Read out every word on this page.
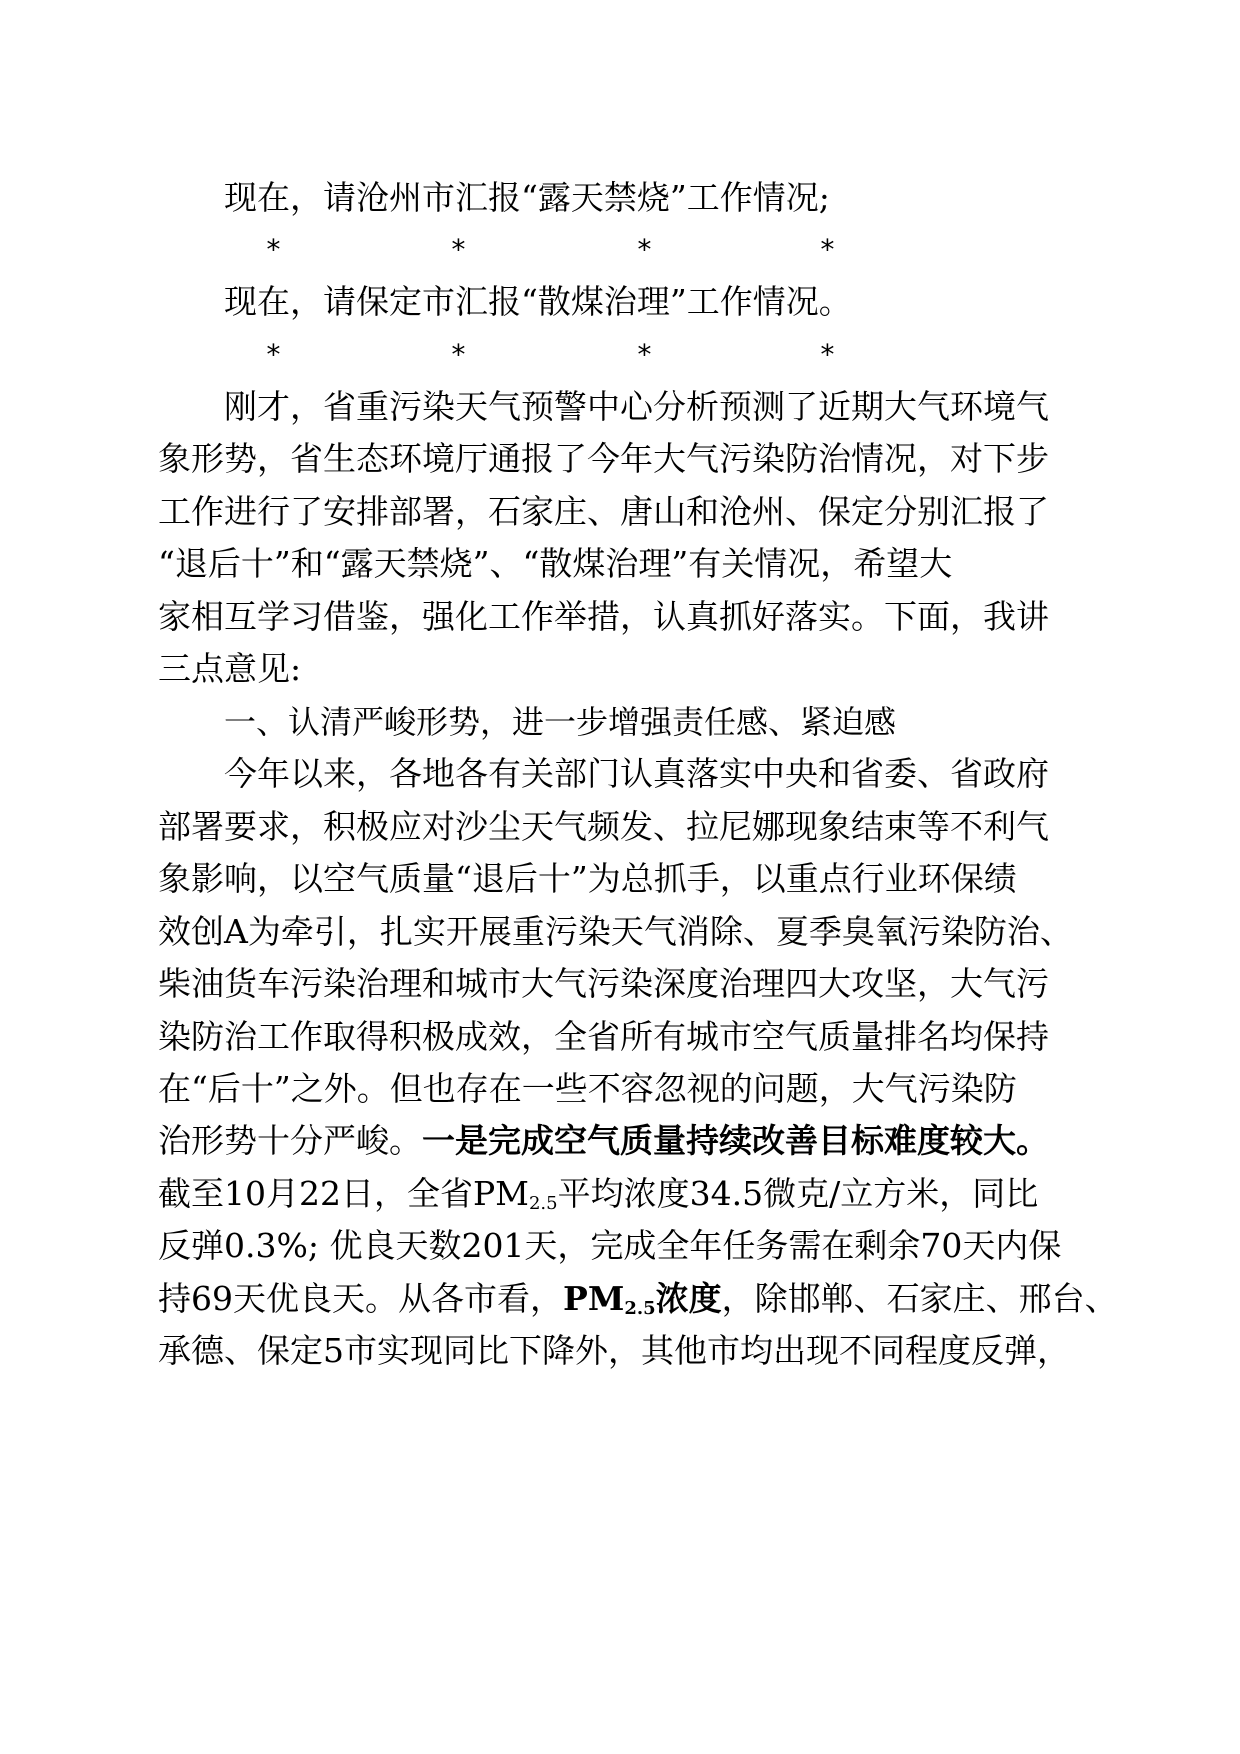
现在，请沧州市汇报“露天禁烧”工作情况;
*	*	*	*
现在，请保定市汇报“散煤治理”工作情况。
*	*	*	*
刚才，省重污染天气预警中心分析预测了近期大气环境气
象形势，省生态环境厅通报了今年大气污染防治情况，对下步
工作进行了安排部署，石家庄、唐山和沧州、保定分别汇报了
“退后十”和“露天禁烧”、“散煤治理”有关情况，希望大
家相互学习借鉴，强化工作举措，认真抓好落实。下面，我讲
三点意见:
一、认清严峻形势，进一步增强责任感、紧迫感
今年以来，各地各有关部门认真落实中央和省委、省政府
部署要求，积极应对沙尘天气频发、拉尼娜现象结束等不利气
象影响，以空气质量“退后十”为总抓手，以重点行业环保绩
效创A为牵引，扎实开展重污染天气消除、夏季臭氧污染防治、
柴油货车污染治理和城市大气污染深度治理四大攻坚，大气污
染防治工作取得积极成效，全省所有城市空气质量排名均保持
在“后十”之外。但也存在一些不容忽视的问题，大气污染防
治形势十分严峻。一是完成空气质量持续改善目标难度较大。
截至10月22日，全省$PM_{2.5}$平均浓度34.5微克/立方米，同比
反弹0.3%; 优良天数201天，完成全年任务需在剩余70天内保
持69天优良天。从各市看，$PM_{2.5}$浓度，除邯郸、石家庄、邢台、
承德、保定5市实现同比下降外，其他市均出现不同程度反弹，
